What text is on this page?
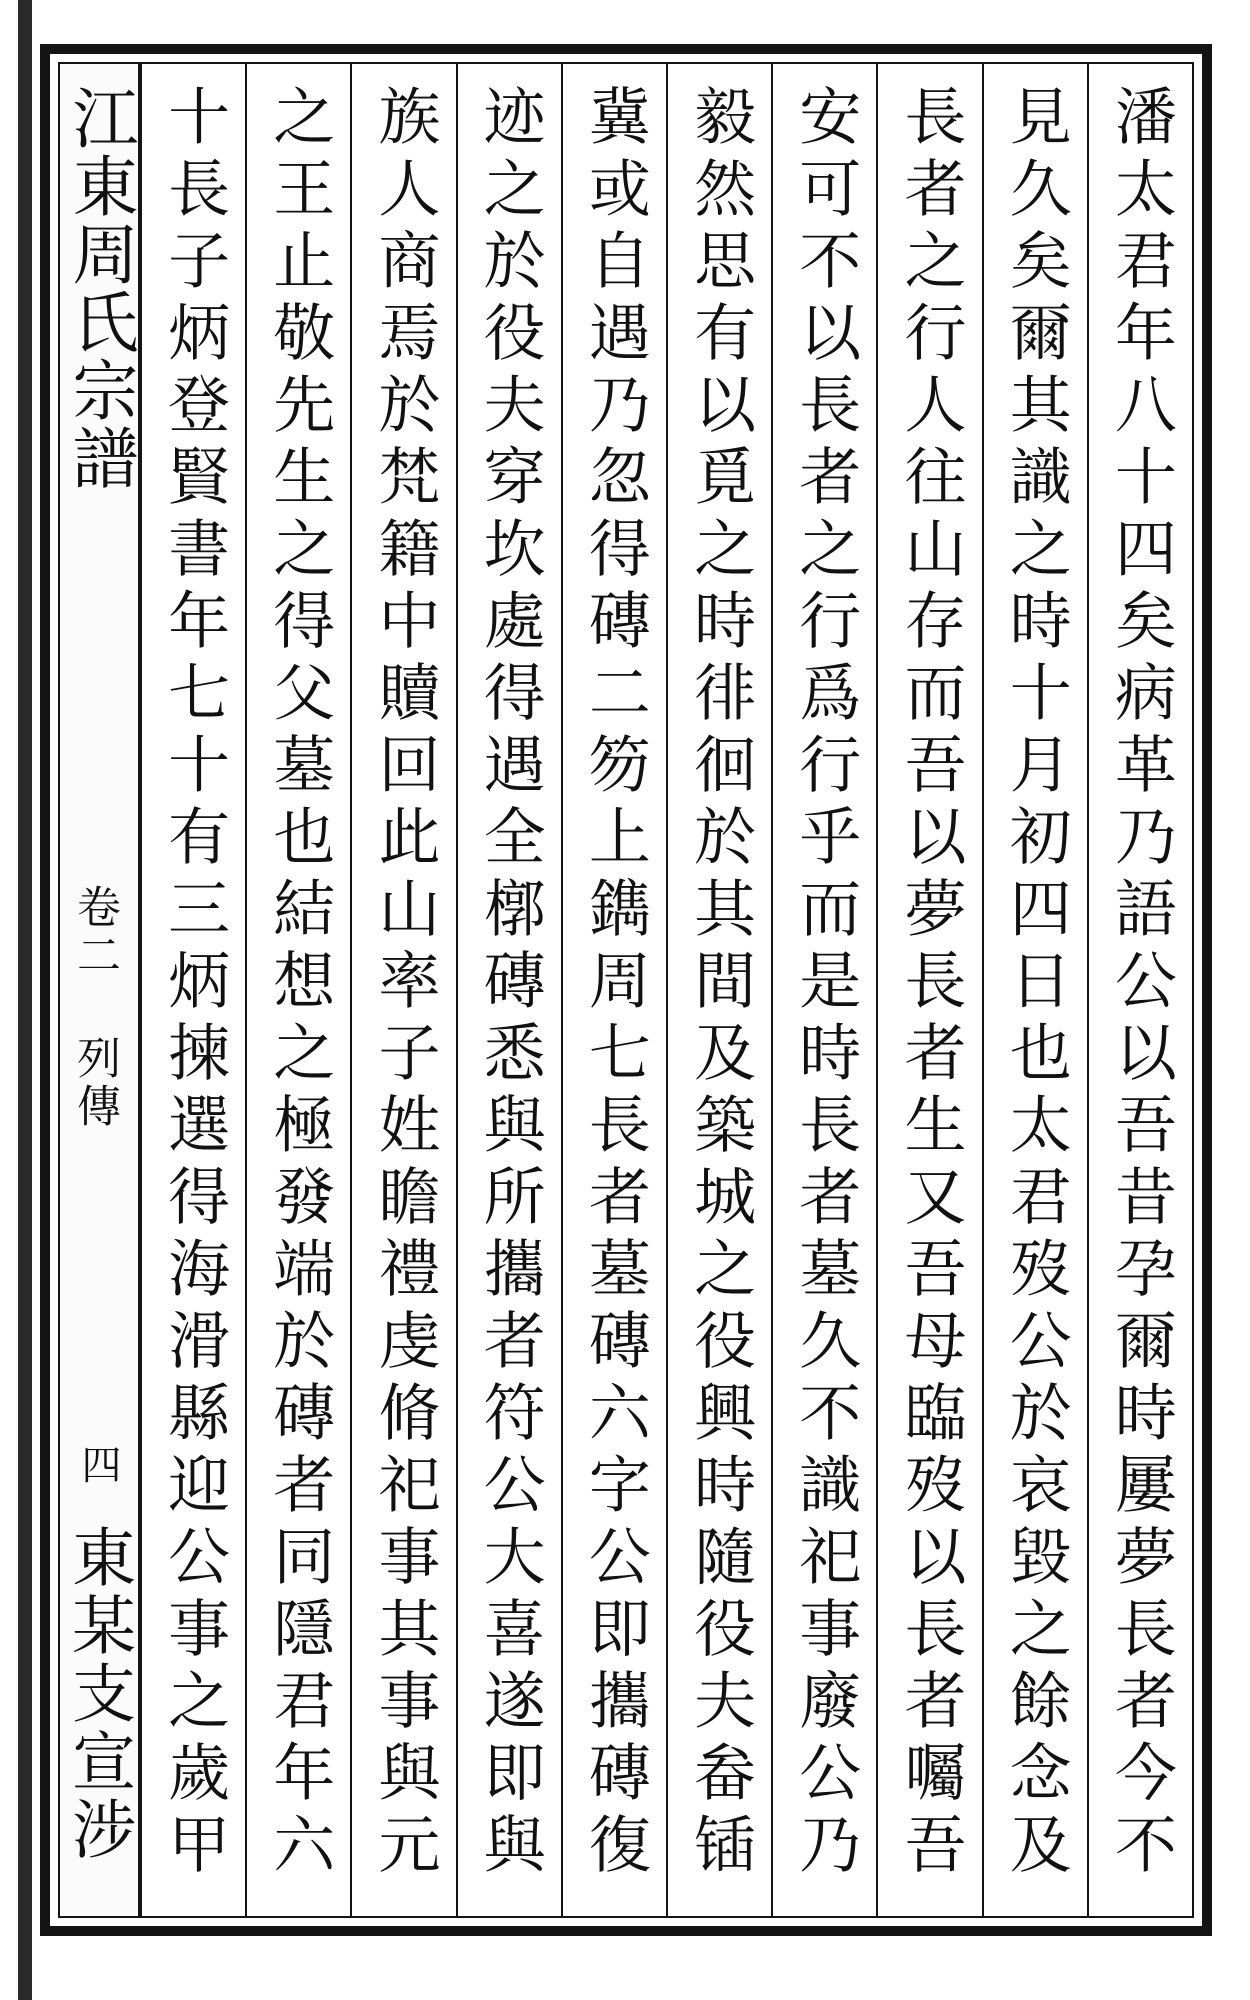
江東周氏宗譜
卷二 列傳
四
東某支宣涉	潘太君年八十四矣病革乃語公以吾昔孕爾時屢夢長者今不
見久矣爾其識之時十月初四日也太君歿公於哀毀之餘念及
長者之行人往山存而吾以夢長者生又吾母臨歿以長者囑吾
安可不以長者之行爲行乎而是時長者墓久不識祀事廢公乃
毅然思有以覓之時徘徊於其間及築城之役興時隨役夫畚锸
冀或自遇乃忽得磚二笏上鐫周七長者墓磚六字公即攜磚復
迹之於役夫穿坎處得遇全槨磚悉與所攜者符公大喜遂即與
族人商焉於梵籍中贖回此山率子姓瞻禮虔脩祀事其事與元
之王止敬先生之得父墓也結想之極發端於磚者同隱君年六
十長子炳登賢書年七十有三炳揀選得海滑縣迎公事之歲甲
